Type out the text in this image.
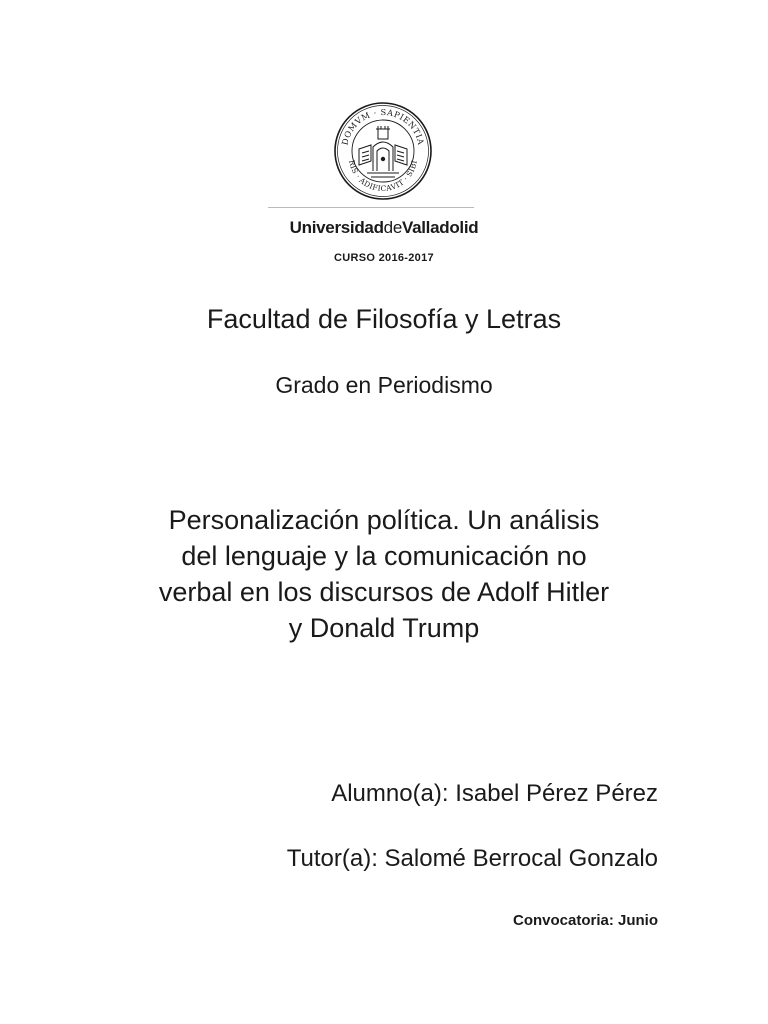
DOMVM · SAPIENTIA
RIS · ADIFICAVIT · SIBI
UniversidaddeValladolid
CURSO 2016-2017
Facultad de Filosofía y Letras
Grado en Periodismo
Personalización política. Un análisis
del lenguaje y la comunicación no
verbal en los discursos de Adolf Hitler
y Donald Trump
Alumno(a): Isabel Pérez Pérez
Tutor(a): Salomé Berrocal Gonzalo
Convocatoria: Junio
